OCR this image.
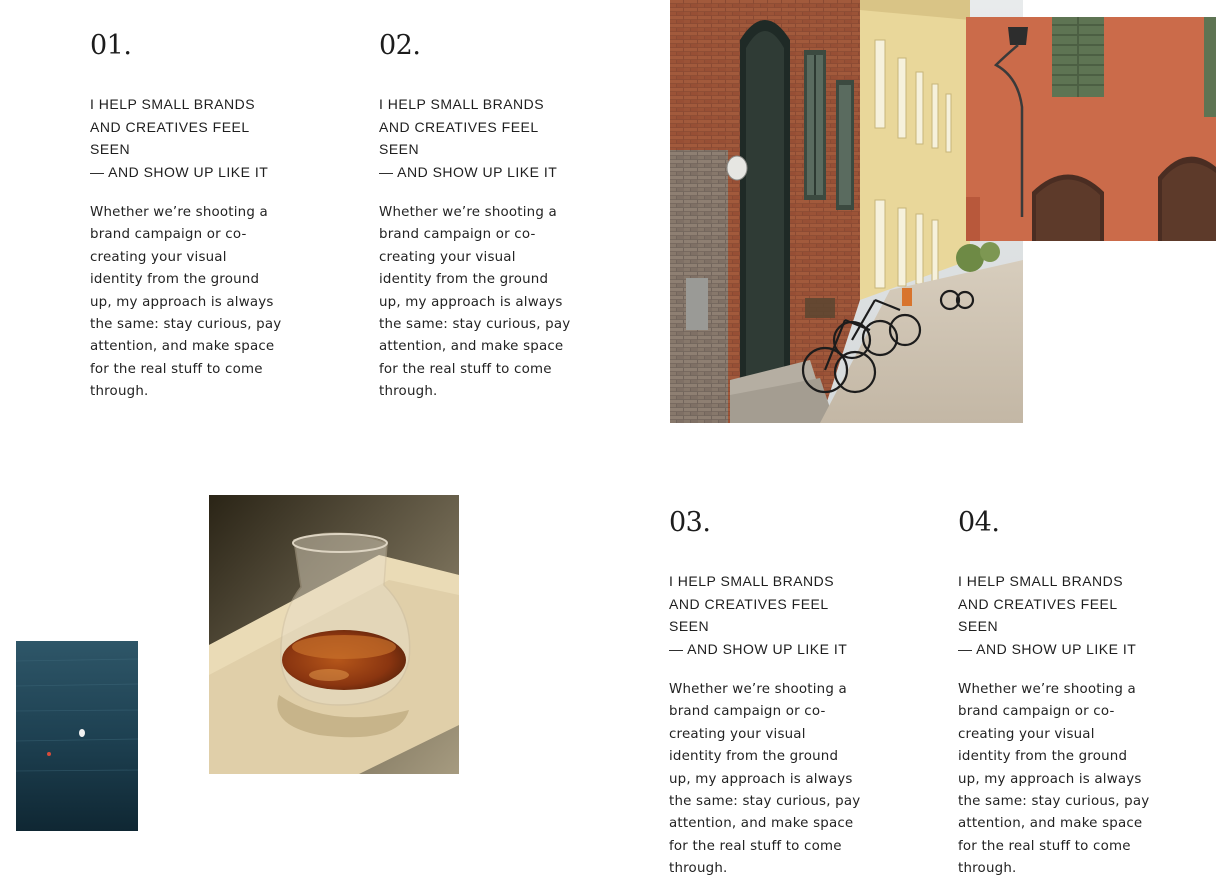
01.
I HELP SMALL BRANDS
AND CREATIVES FEEL SEEN
— AND SHOW UP LIKE IT
Whether we’re shooting a
brand campaign or co-
creating your visual
identity from the ground
up, my approach is always
the same: stay curious, pay
attention, and make space
for the real stuff to come
through.
02.
I HELP SMALL BRANDS
AND CREATIVES FEEL SEEN
— AND SHOW UP LIKE IT
Whether we’re shooting a
brand campaign or co-
creating your visual
identity from the ground
up, my approach is always
the same: stay curious, pay
attention, and make space
for the real stuff to come
through.
03.
I HELP SMALL BRANDS
AND CREATIVES FEEL SEEN
— AND SHOW UP LIKE IT
Whether we’re shooting a
brand campaign or co-
creating your visual
identity from the ground
up, my approach is always
the same: stay curious, pay
attention, and make space
for the real stuff to come
through.
04.
I HELP SMALL BRANDS
AND CREATIVES FEEL SEEN
— AND SHOW UP LIKE IT
Whether we’re shooting a
brand campaign or co-
creating your visual
identity from the ground
up, my approach is always
the same: stay curious, pay
attention, and make space
for the real stuff to come
through.
